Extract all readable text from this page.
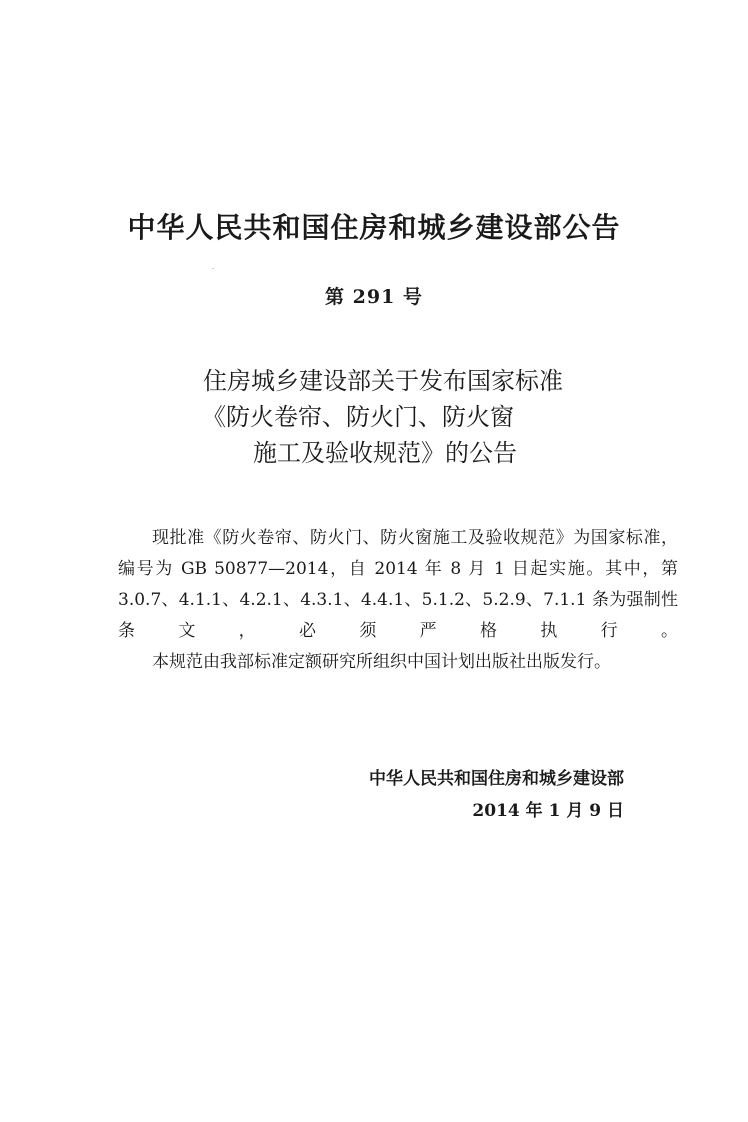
中华人民共和国住房和城乡建设部公告
第 291 号
住房城乡建设部关于发布国家标准
《防火卷帘、防火门、防火窗
施工及验收规范》的公告

现批准《防火卷帘、防火门、防火窗施工及验收规范》为国家标准，编号为 GB 50877—2014，自 2014 年 8 月 1 日起实施。其中，第 3.0.7、4.1.1、4.2.1、4.3.1、4.4.1、5.1.2、5.2.9、7.1.1 条为强制性条文，必须严格执行。

本规范由我部标准定额研究所组织中国计划出版社出版发行。

中华人民共和国住房和城乡建设部
2014 年 1 月 9 日
